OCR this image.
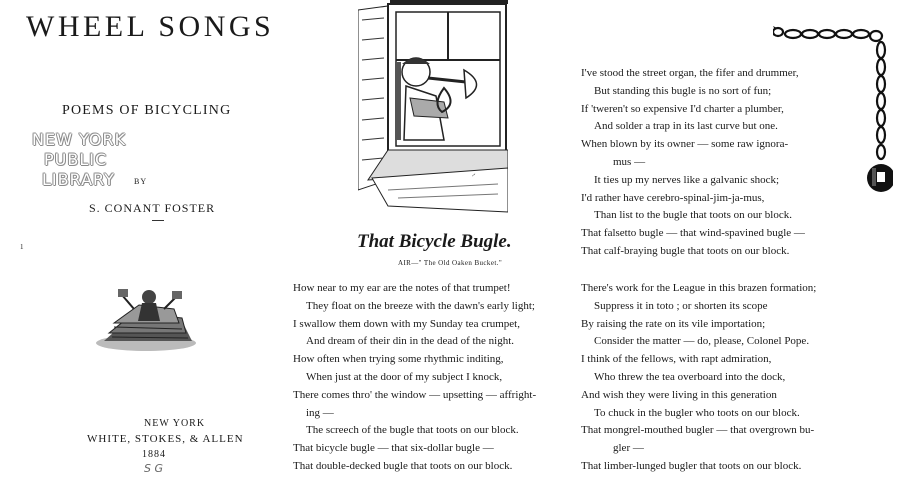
WHEEL SONGS
POEMS OF BICYCLING
NEW YORK
PUBLIC
LIBRARY BY
S. CONANT FOSTER
1
NEW YORK
WHITE, STOKES, & ALLEN
1884
S G
~
That Bicycle Bugle.
AIR—" The Old Oaken Bucket."
How near to my ear are the notes of that trumpet!
They float on the breeze with the dawn's early light;
I swallow them down with my Sunday tea crumpet,
And dream of their din in the dead of the night.
How often when trying some rhythmic inditing,
When just at the door of my subject I knock,
There comes thro' the window — upsetting — affright-
ing —
The screech of the bugle that toots on our block.
That bicycle bugle — that six-dollar bugle —
That double-decked bugle that toots on our block.
I've stood the street organ, the fifer and drummer,
But standing this bugle is no sort of fun;
If 'tweren't so expensive I'd charter a plumber,
And solder a trap in its last curve but one.
When blown by its owner — some raw ignora-
mus —
It ties up my nerves like a galvanic shock;
I'd rather have cerebro-spinal-jim-ja-mus,
Than list to the bugle that toots on our block.
That falsetto bugle — that wind-spavined bugle —
That calf-braying bugle that toots on our block.
There's work for the League in this brazen formation;
Suppress it in toto ; or shorten its scope
By raising the rate on its vile importation;
Consider the matter — do, please, Colonel Pope.
I think of the fellows, with rapt admiration,
Who threw the tea overboard into the dock,
And wish they were living in this generation
To chuck in the bugler who toots on our block.
That mongrel-mouthed bugler — that overgrown bu-
gler —
That limber-lunged bugler that toots on our block.
